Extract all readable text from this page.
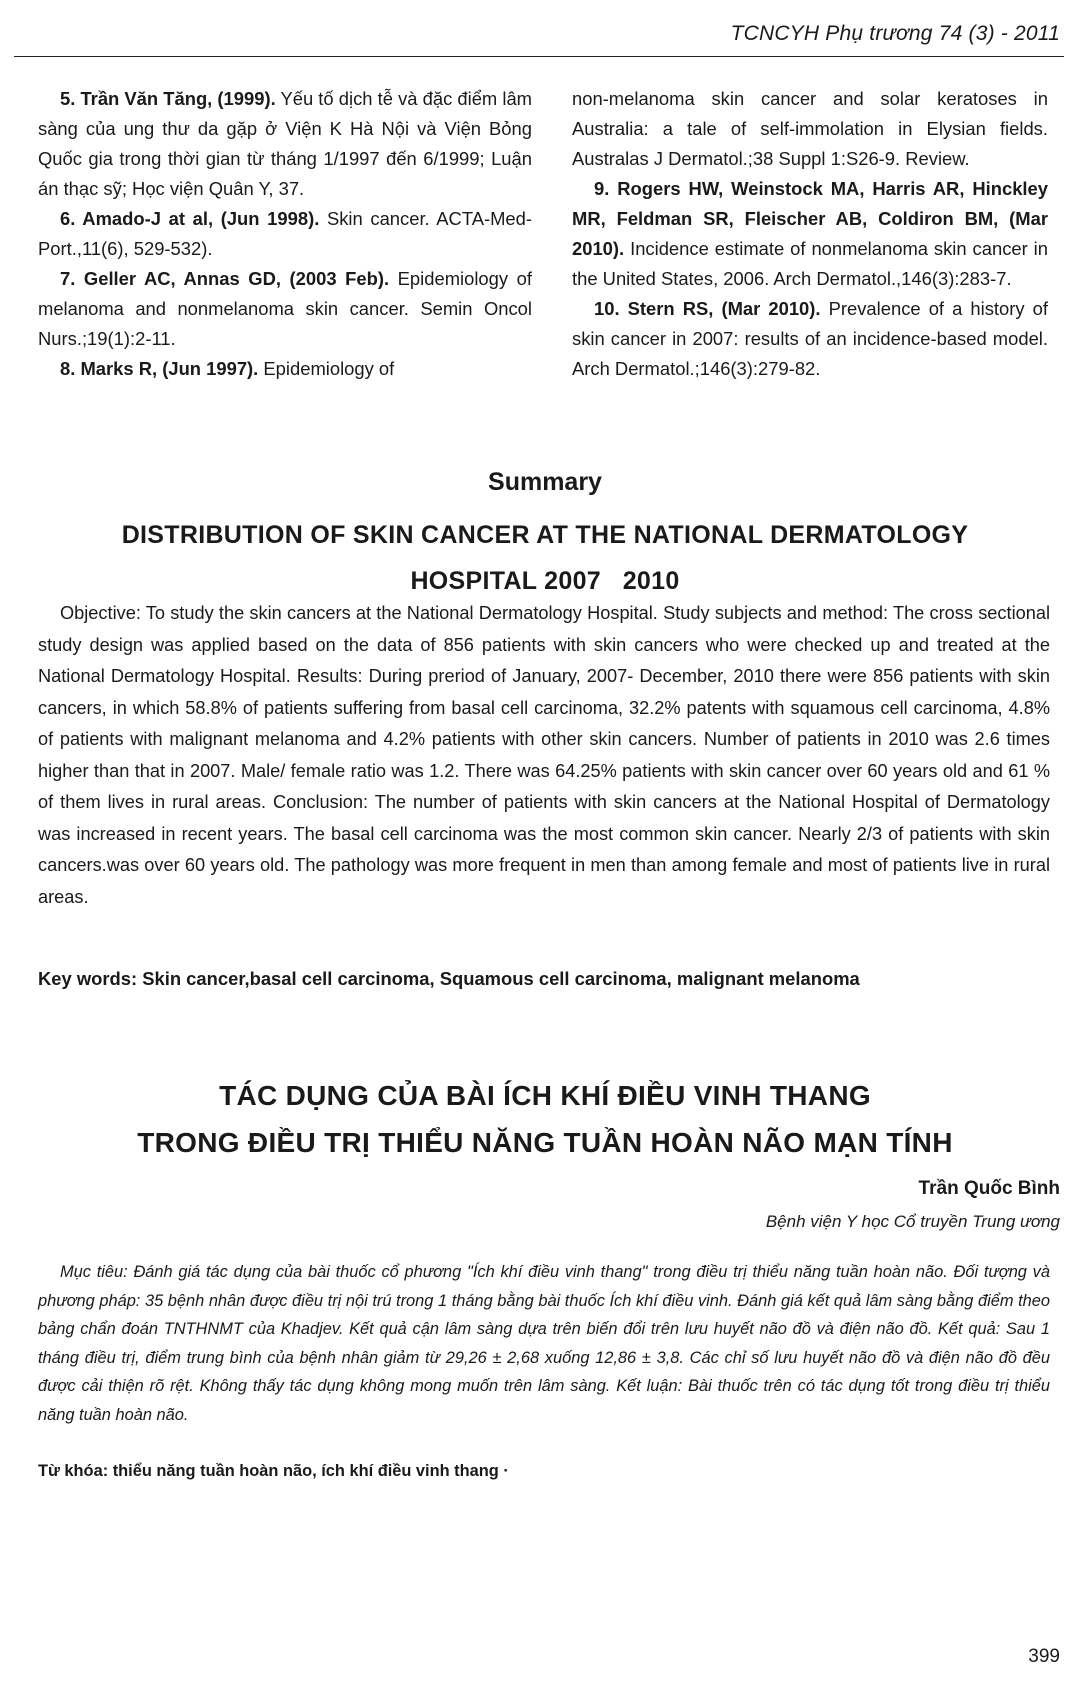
TCNCYH Phụ trương 74 (3) - 2011

5. Trần Văn Tăng, (1999). Yếu tố dịch tễ và đặc điểm lâm sàng của ung thư da gặp ở Viện K Hà Nội và Viện Bỏng Quốc gia trong thời gian từ tháng 1/1997 đến 6/1999; Luận án thạc sỹ; Học viện Quân Y, 37.

6. Amado-J at al, (Jun 1998). Skin cancer. ACTA-Med-Port.,11(6), 529-532).

7. Geller AC, Annas GD, (2003 Feb). Epidemiology of melanoma and nonmelanoma skin cancer. Semin Oncol Nurs.;19(1):2-11.

8. Marks R, (Jun 1997). Epidemiology of

non-melanoma skin cancer and solar keratoses in Australia: a tale of self-immolation in Elysian fields. Australas J Dermatol.;38 Suppl 1:S26-9. Review.

9. Rogers HW, Weinstock MA, Harris AR, Hinckley MR, Feldman SR, Fleischer AB, Coldiron BM, (Mar 2010). Incidence estimate of nonmelanoma skin cancer in the United States, 2006. Arch Dermatol.,146(3):283-7.

10. Stern RS, (Mar 2010). Prevalence of a history of skin cancer in 2007: results of an incidence-based model. Arch Dermatol.;146(3):279-82.

Summary
DISTRIBUTION OF SKIN CANCER AT THE NATIONAL DERMATOLOGY
HOSPITAL 2007   2010

Objective: To study the skin cancers at the National Dermatology Hospital. Study subjects and method: The cross sectional study design was applied based on the data of 856 patients with skin cancers who were checked up and treated at the National Dermatology Hospital. Results: During preriod of January, 2007- December, 2010 there were 856 patients with skin cancers, in which 58.8% of patients suffering from basal cell carcinoma, 32.2% patents with squamous cell carcinoma, 4.8% of patients with malignant melanoma and 4.2% patients with other skin cancers. Number of patients in 2010 was 2.6 times higher than that in 2007. Male/ female ratio was 1.2. There was 64.25% patients with skin cancer over 60 years old and 61 % of them lives in rural areas. Conclusion: The number of patients with skin cancers at the National Hospital of Dermatology was increased in recent years. The basal cell carcinoma was the most common skin cancer. Nearly 2/3 of patients with skin cancers.was over 60 years old. The pathology was more frequent in men than among female and most of patients live in rural areas.

Key words: Skin cancer,basal cell carcinoma, Squamous cell carcinoma, malignant melanoma
TÁC DỤNG CỦA BÀI ÍCH KHÍ ĐIỀU VINH THANG
TRONG ĐIỀU TRỊ THIỂU NĂNG TUẦN HOÀN NÃO MẠN TÍNH
Trần Quốc Bình
Bệnh viện Y học Cổ truyền Trung ương

Mục tiêu: Đánh giá tác dụng của bài thuốc cổ phương "Ích khí điều vinh thang" trong điều trị thiểu năng tuần hoàn não. Đối tượng và phương pháp: 35 bệnh nhân được điều trị nội trú trong 1 tháng bằng bài thuốc Ích khí điều vinh. Đánh giá kết quả lâm sàng bằng điểm theo bảng chẩn đoán TNTHNMT của Khadjev. Kết quả cận lâm sàng dựa trên biến đổi trên lưu huyết não đồ và điện não đồ. Kết quả: Sau 1 tháng điều trị, điểm trung bình của bệnh nhân giảm từ 29,26 ± 2,68 xuống 12,86 ± 3,8. Các chỉ số lưu huyết não đồ và điện não đồ đều được cải thiện rõ rệt. Không thấy tác dụng không mong muốn trên lâm sàng. Kết luận: Bài thuốc trên có tác dụng tốt trong điều trị thiểu năng tuần hoàn não.

Từ khóa: thiểu năng tuần hoàn não, ích khí điều vinh thang ·
399
